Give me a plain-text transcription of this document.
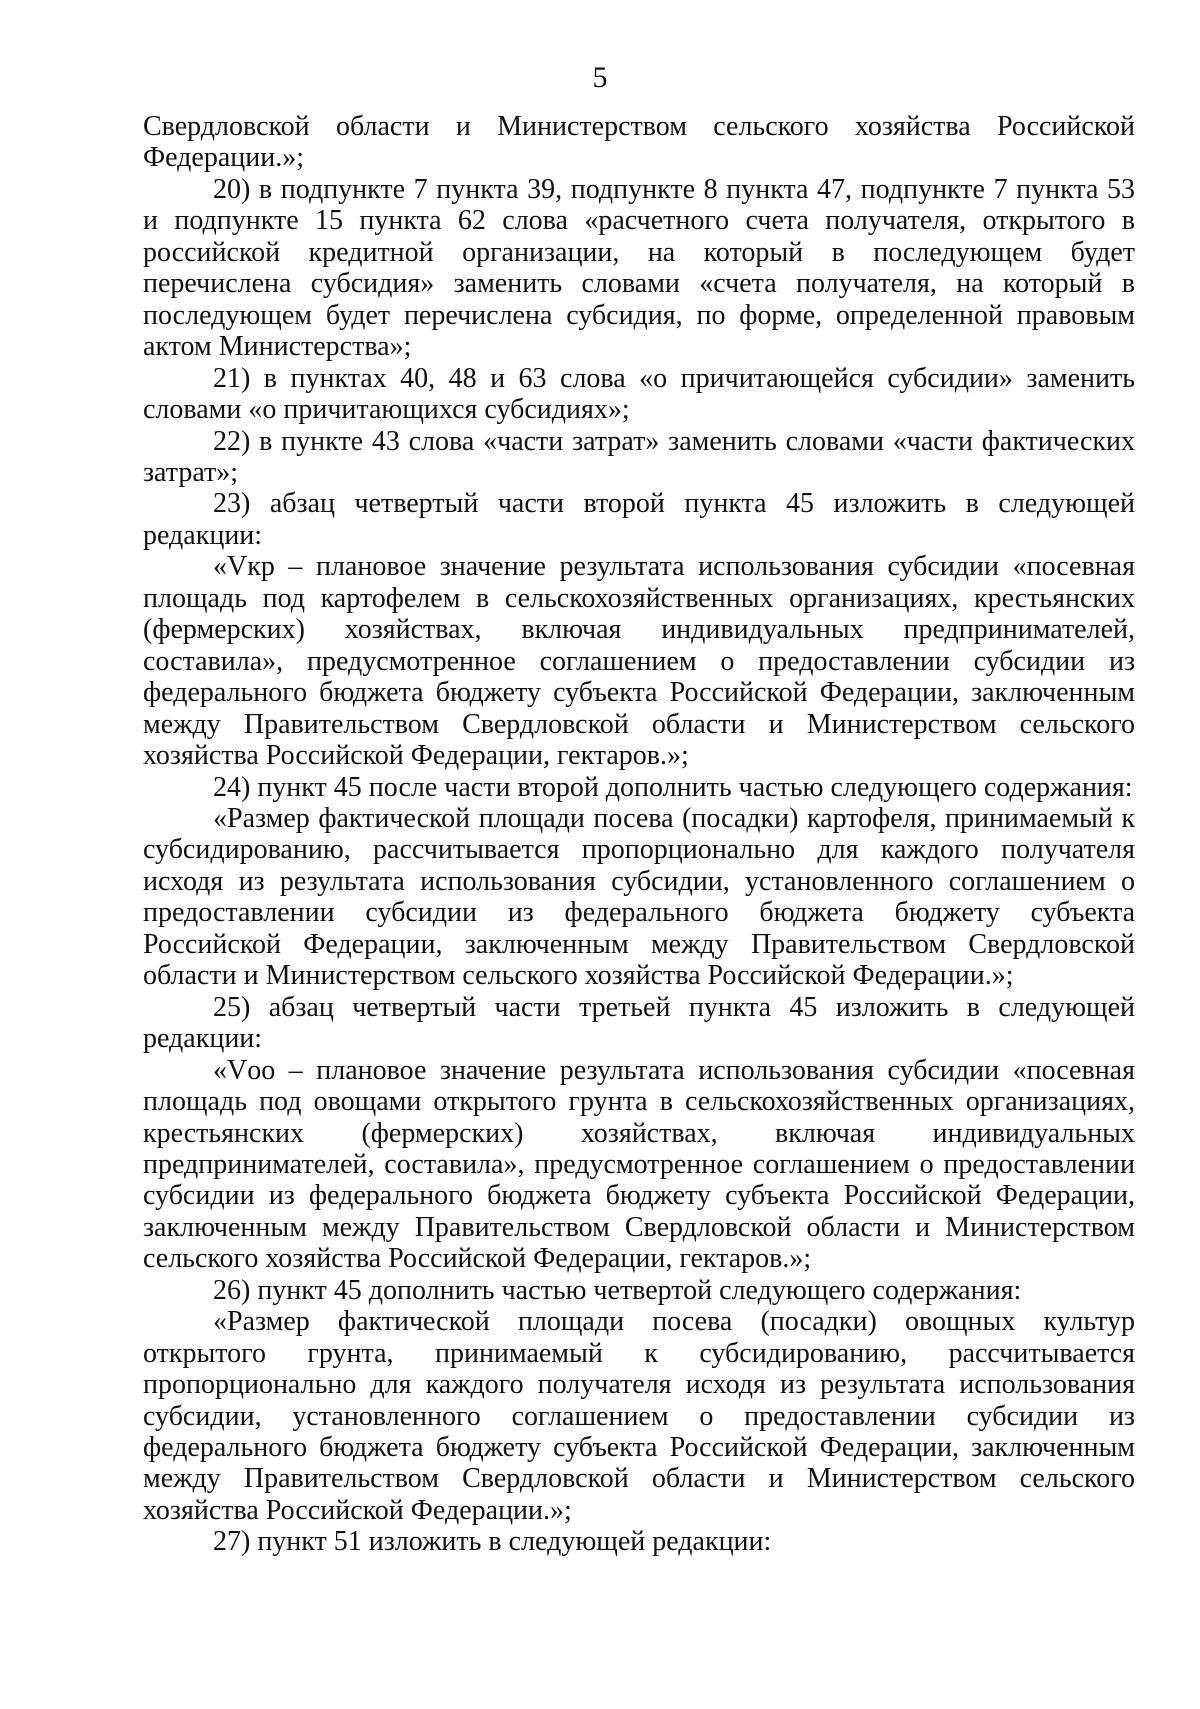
5

Свердловской области и Министерством сельского хозяйства Российской Федерации.»;

20) в подпункте 7 пункта 39, подпункте 8 пункта 47, подпункте 7 пункта 53 и подпункте 15 пункта 62 слова «расчетного счета получателя, открытого в российской кредитной организации, на который в последующем будет перечислена субсидия» заменить словами «счета получателя, на который в последующем будет перечислена субсидия, по форме, определенной правовым актом Министерства»;

21) в пунктах 40, 48 и 63 слова «о причитающейся субсидии» заменить словами «о причитающихся субсидиях»;

22) в пункте 43 слова «части затрат» заменить словами «части фактических затрат»;

23) абзац четвертый части второй пункта 45 изложить в следующей редакции:

«Vкр – плановое значение результата использования субсидии «посевная площадь под картофелем в сельскохозяйственных организациях, крестьянских (фермерских) хозяйствах, включая индивидуальных предпринимателей, составила», предусмотренное соглашением о предоставлении субсидии из федерального бюджета бюджету субъекта Российской Федерации, заключенным между Правительством Свердловской области и Министерством сельского хозяйства Российской Федерации, гектаров.»;

24) пункт 45 после части второй дополнить частью следующего содержания:

«Размер фактической площади посева (посадки) картофеля, принимаемый к субсидированию, рассчитывается пропорционально для каждого получателя исходя из результата использования субсидии, установленного соглашением о предоставлении субсидии из федерального бюджета бюджету субъекта Российской Федерации, заключенным между Правительством Свердловской области и Министерством сельского хозяйства Российской Федерации.»;

25) абзац четвертый части третьей пункта 45 изложить в следующей редакции:

«Vоо – плановое значение результата использования субсидии «посевная площадь под овощами открытого грунта в сельскохозяйственных организациях, крестьянских (фермерских) хозяйствах, включая индивидуальных предпринимателей, составила», предусмотренное соглашением о предоставлении субсидии из федерального бюджета бюджету субъекта Российской Федерации, заключенным между Правительством Свердловской области и Министерством сельского хозяйства Российской Федерации, гектаров.»;

26) пункт 45 дополнить частью четвертой следующего содержания:

«Размер фактической площади посева (посадки) овощных культур открытого грунта, принимаемый к субсидированию, рассчитывается пропорционально для каждого получателя исходя из результата использования субсидии, установленного соглашением о предоставлении субсидии из федерального бюджета бюджету субъекта Российской Федерации, заключенным между Правительством Свердловской области и Министерством сельского хозяйства Российской Федерации.»;

27) пункт 51 изложить в следующей редакции:
